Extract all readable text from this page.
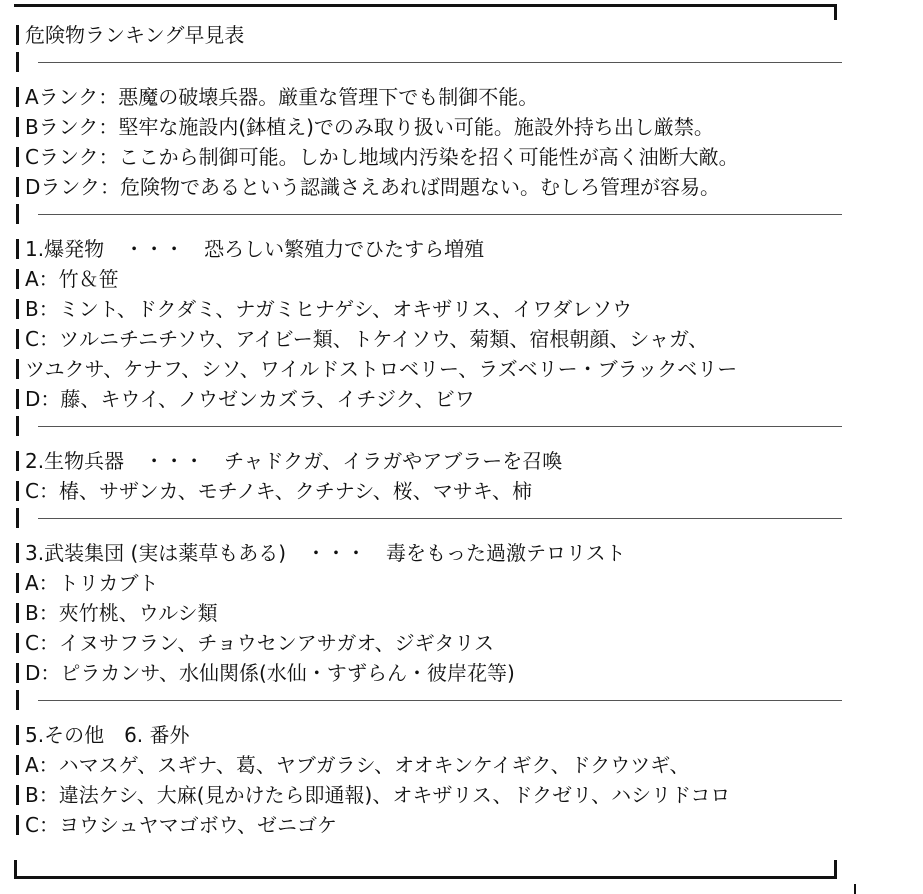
危険物ランキング早見表
Aランク：悪魔の破壊兵器。厳重な管理下でも制御不能。
Bランク：堅牢な施設内(鉢植え)でのみ取り扱い可能。施設外持ち出し厳禁。
Cランク：ここから制御可能。しかし地域内汚染を招く可能性が高く油断大敵。
Dランク：危険物であるという認識さえあれば問題ない。むしろ管理が容易。
1.爆発物　・・・　恐ろしい繁殖力でひたすら増殖
A：竹＆笹
B：ミント、ドクダミ、ナガミヒナゲシ、オキザリス、イワダレソウ
C：ツルニチニチソウ、アイビー類、トケイソウ、菊類、宿根朝顔、シャガ、
ツユクサ、ケナフ、シソ、ワイルドストロベリー、ラズベリー・ブラックベリー
D：藤、キウイ、ノウゼンカズラ、イチジク、ビワ
2.生物兵器　・・・　チャドクガ、イラガやアブラーを召喚
C：椿、サザンカ、モチノキ、クチナシ、桜、マサキ、柿
3.武装集団 (実は薬草もある)　・・・　毒をもった過激テロリスト
A：トリカブト
B：夾竹桃、ウルシ類
C：イヌサフラン、チョウセンアサガオ、ジギタリス
D：ピラカンサ、水仙関係(水仙・すずらん・彼岸花等)
5.その他　6. 番外
A：ハマスゲ、スギナ、葛、ヤブガラシ、オオキンケイギク、ドクウツギ、
B：違法ケシ、大麻(見かけたら即通報)、オキザリス、ドクゼリ、ハシリドコロ
C：ヨウシュヤマゴボウ、ゼニゴケ
